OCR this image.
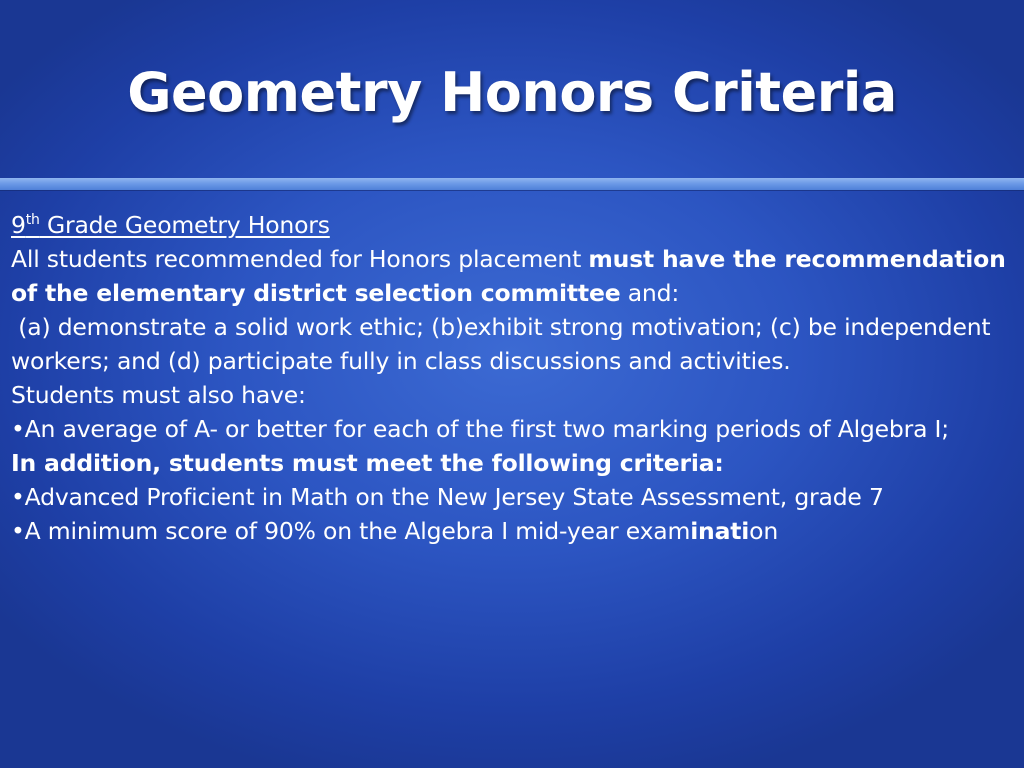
Geometry Honors Criteria

9th Grade Geometry Honors

All students recommended for Honors placement must have the recommendation of the elementary district selection committee and:

(a) demonstrate a solid work ethic; (b)exhibit strong motivation; (c) be independent workers; and (d) participate fully in class discussions and activities.

Students must also have:

•An average of A- or better for each of the first two marking periods of Algebra I;

In addition, students must meet the following criteria:

•Advanced Proficient in Math on the New Jersey State Assessment, grade 7

•A minimum score of 90% on the Algebra I mid-year examination
